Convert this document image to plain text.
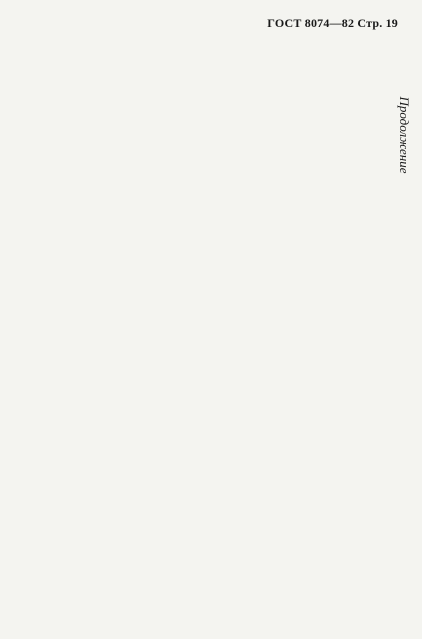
ГОСТ 8074—82 Стр. 19
Продолжение
